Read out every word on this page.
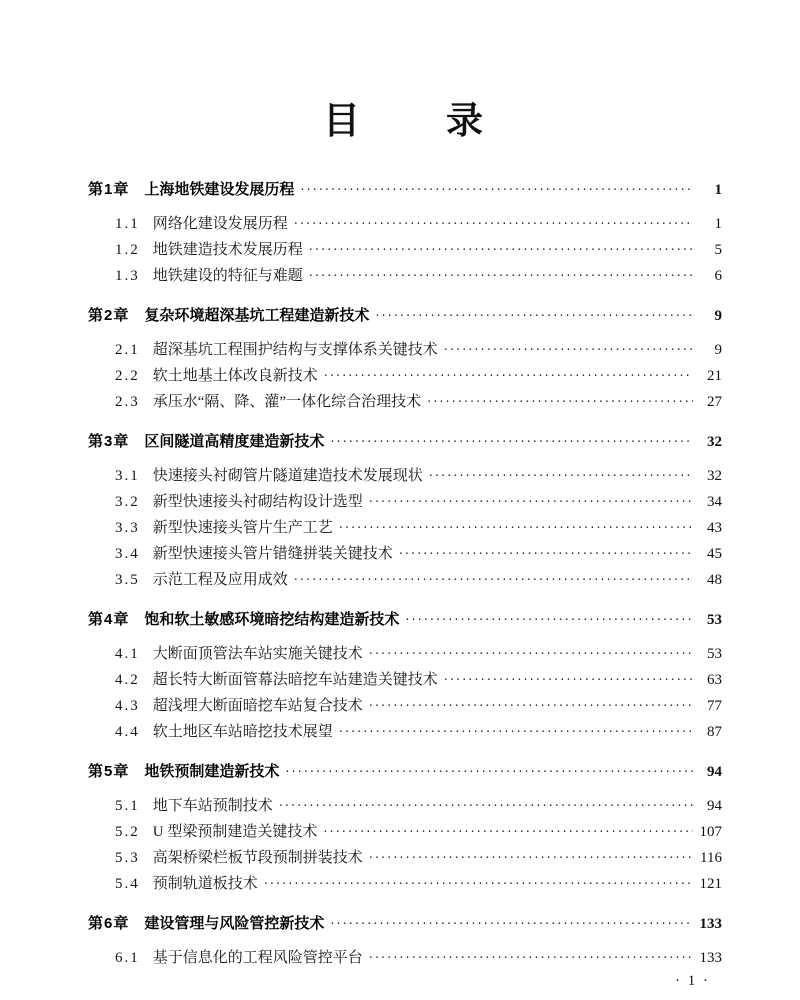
目　　录
第1章 上海地铁建设发展历程 ·····	1
1.1 网络化建设发展历程 ·····	1
1.2 地铁建造技术发展历程 ·····	5
1.3 地铁建设的特征与难题 ·····	6
第2章 复杂环境超深基坑工程建造新技术 ·····	9
2.1 超深基坑工程围护结构与支撑体系关键技术 ·····	9
2.2 软土地基土体改良新技术 ·····	21
2.3 承压水“隔、降、灌”一体化综合治理技术 ·····	27
第3章 区间隧道高精度建造新技术 ·····	32
3.1 快速接头衬砌管片隧道建造技术发展现状 ·····	32
3.2 新型快速接头衬砌结构设计选型 ·····	34
3.3 新型快速接头管片生产工艺 ·····	43
3.4 新型快速接头管片错缝拼装关键技术 ·····	45
3.5 示范工程及应用成效 ·····	48
第4章 饱和软土敏感环境暗挖结构建造新技术 ·····	53
4.1 大断面顶管法车站实施关键技术 ·····	53
4.2 超长特大断面管幕法暗挖车站建造关键技术 ·····	63
4.3 超浅埋大断面暗挖车站复合技术 ·····	77
4.4 软土地区车站暗挖技术展望 ·····	87
第5章 地铁预制建造新技术 ·····	94
5.1 地下车站预制技术 ·····	94
5.2 U 型梁预制建造关键技术 ·····	107
5.3 高架桥梁栏板节段预制拼装技术 ·····	116
5.4 预制轨道板技术 ·····	121
第6章 建设管理与风险管控新技术 ·····	133
6.1 基于信息化的工程风险管控平台 ·····	133
· 1 ·
